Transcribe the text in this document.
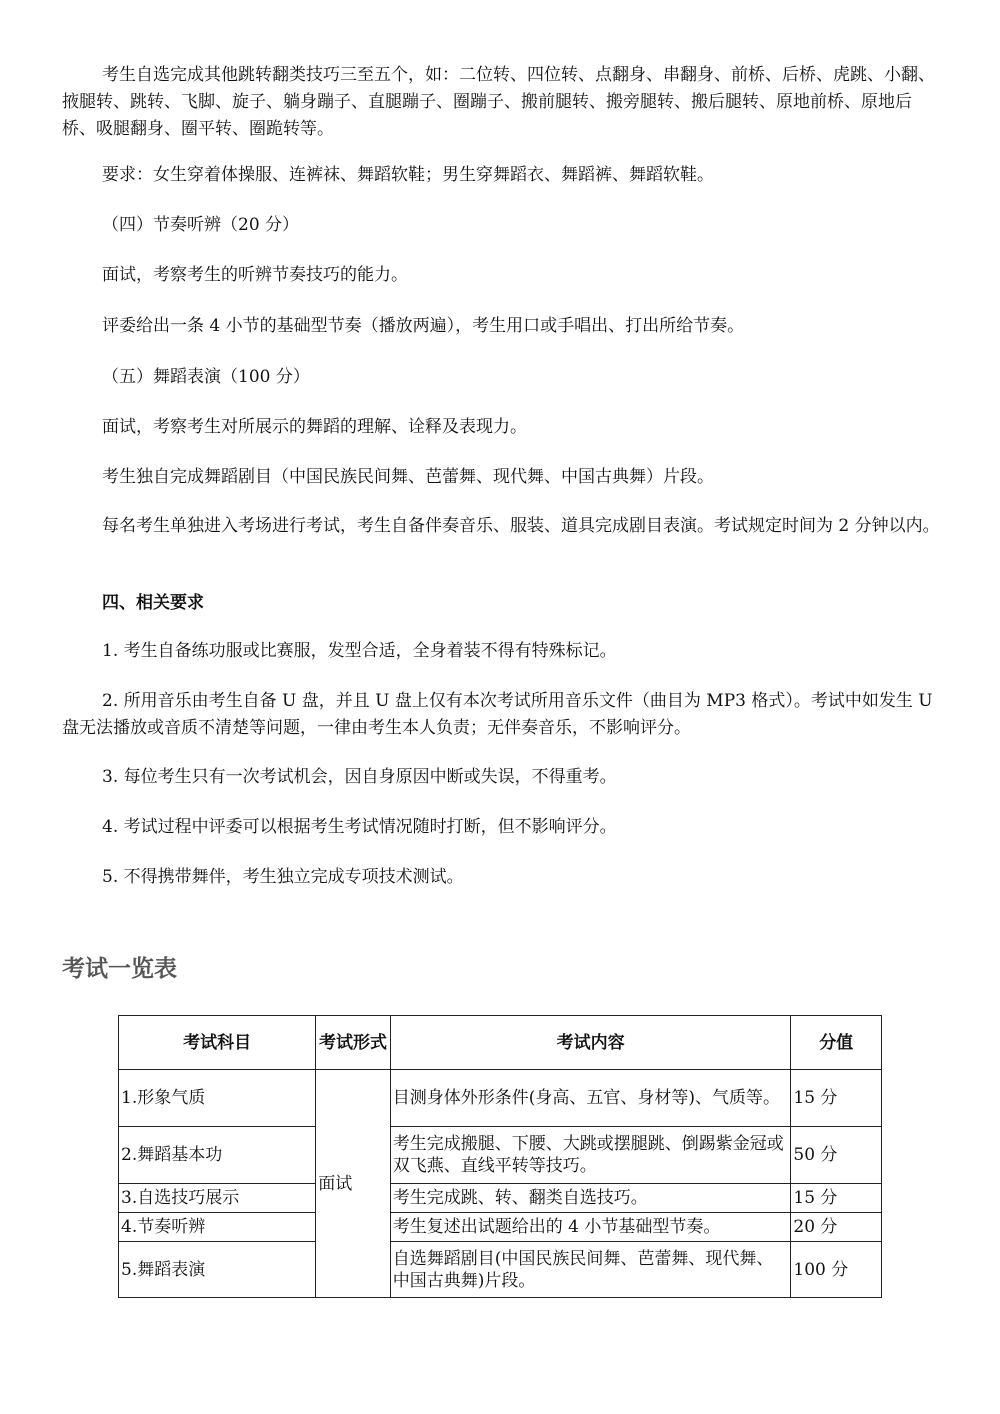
考生自选完成其他跳转翻类技巧三至五个，如：二位转、四位转、点翻身、串翻身、前桥、后桥、虎跳、小翻、掖腿转、跳转、飞脚、旋子、躺身蹦子、直腿蹦子、圈蹦子、搬前腿转、搬旁腿转、搬后腿转、原地前桥、原地后桥、吸腿翻身、圈平转、圈跪转等。

要求：女生穿着体操服、连裤袜、舞蹈软鞋；男生穿舞蹈衣、舞蹈裤、舞蹈软鞋。

（四）节奏听辨（20 分）

面试，考察考生的听辨节奏技巧的能力。

评委给出一条 4 小节的基础型节奏（播放两遍），考生用口或手唱出、打出所给节奏。

（五）舞蹈表演（100 分）

面试，考察考生对所展示的舞蹈的理解、诠释及表现力。

考生独自完成舞蹈剧目（中国民族民间舞、芭蕾舞、现代舞、中国古典舞）片段。

每名考生单独进入考场进行考试，考生自备伴奏音乐、服装、道具完成剧目表演。考试规定时间为 2 分钟以内。

四、相关要求

1. 考生自备练功服或比赛服，发型合适，全身着装不得有特殊标记。

2. 所用音乐由考生自备 U 盘，并且 U 盘上仅有本次考试所用音乐文件（曲目为 MP3 格式）。考试中如发生 U 盘无法播放或音质不清楚等问题，一律由考生本人负责；无伴奏音乐，不影响评分。

3. 每位考生只有一次考试机会，因自身原因中断或失误，不得重考。

4. 考试过程中评委可以根据考生考试情况随时打断，但不影响评分。

5. 不得携带舞伴，考生独立完成专项技术测试。

考试一览表
考试科目	考试形式	考试内容	分值
1.形象气质	面试	目测身体外形条件(身高、五官、身材等)、气质等。	15 分
2.舞蹈基本功		考生完成搬腿、下腰、大跳或摆腿跳、倒踢紫金冠或双飞燕、直线平转等技巧。	50 分
3.自选技巧展示		考生完成跳、转、翻类自选技巧。	15 分
4.节奏听辨		考生复述出试题给出的 4 小节基础型节奏。	20 分
5.舞蹈表演		自选舞蹈剧目(中国民族民间舞、芭蕾舞、现代舞、中国古典舞)片段。	100 分
